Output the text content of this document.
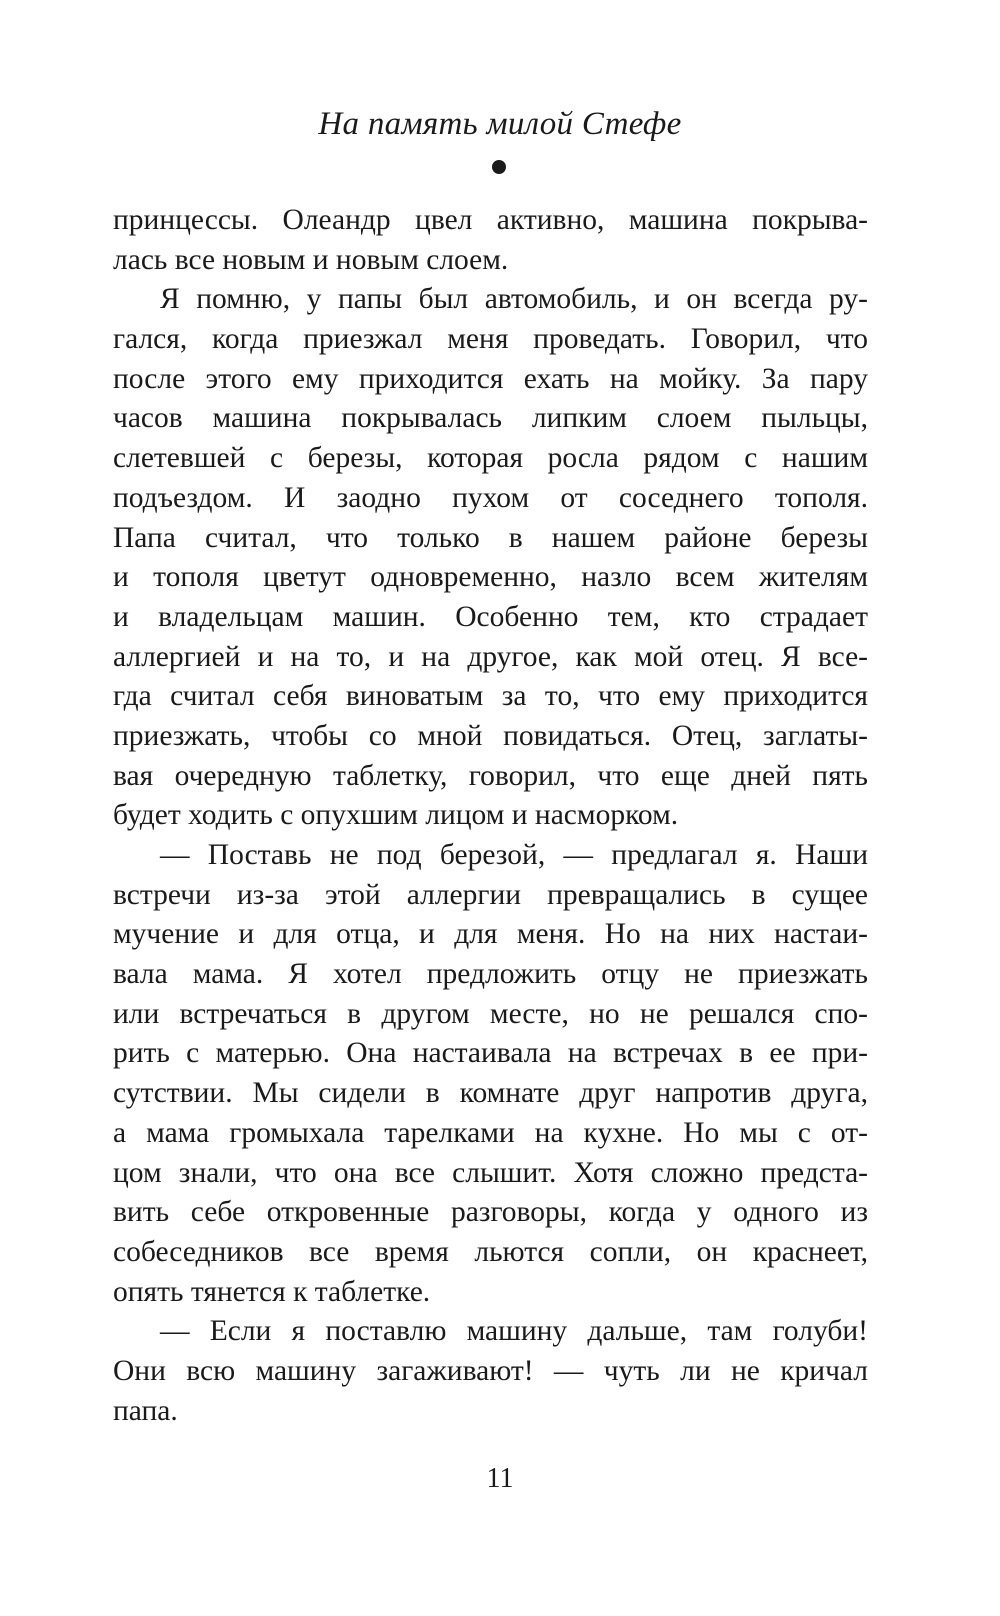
На память милой Стефе
принцессы. Олеандр цвел активно, машина покрыва-
лась все новым и новым слоем.
Я помню, у папы был автомобиль, и он всегда ру-
гался, когда приезжал меня проведать. Говорил, что
после этого ему приходится ехать на мойку. За пару
часов машина покрывалась липким слоем пыльцы,
слетевшей с березы, которая росла рядом с нашим
подъездом. И заодно пухом от соседнего тополя.
Папа считал, что только в нашем районе березы
и тополя цветут одновременно, назло всем жителям
и владельцам машин. Особенно тем, кто страдает
аллергией и на то, и на другое, как мой отец. Я все-
гда считал себя виноватым за то, что ему приходится
приезжать, чтобы со мной повидаться. Отец, заглаты-
вая очередную таблетку, говорил, что еще дней пять
будет ходить с опухшим лицом и насморком.
— Поставь не под березой, — предлагал я. Наши
встречи из-за этой аллергии превращались в сущее
мучение и для отца, и для меня. Но на них настаи-
вала мама. Я хотел предложить отцу не приезжать
или встречаться в другом месте, но не решался спо-
рить с матерью. Она настаивала на встречах в ее при-
сутствии. Мы сидели в комнате друг напротив друга,
а мама громыхала тарелками на кухне. Но мы с от-
цом знали, что она все слышит. Хотя сложно предста-
вить себе откровенные разговоры, когда у одного из
собеседников все время льются сопли, он краснеет,
опять тянется к таблетке.
— Если я поставлю машину дальше, там голуби!
Они всю машину загаживают! — чуть ли не кричал
папа.
11
